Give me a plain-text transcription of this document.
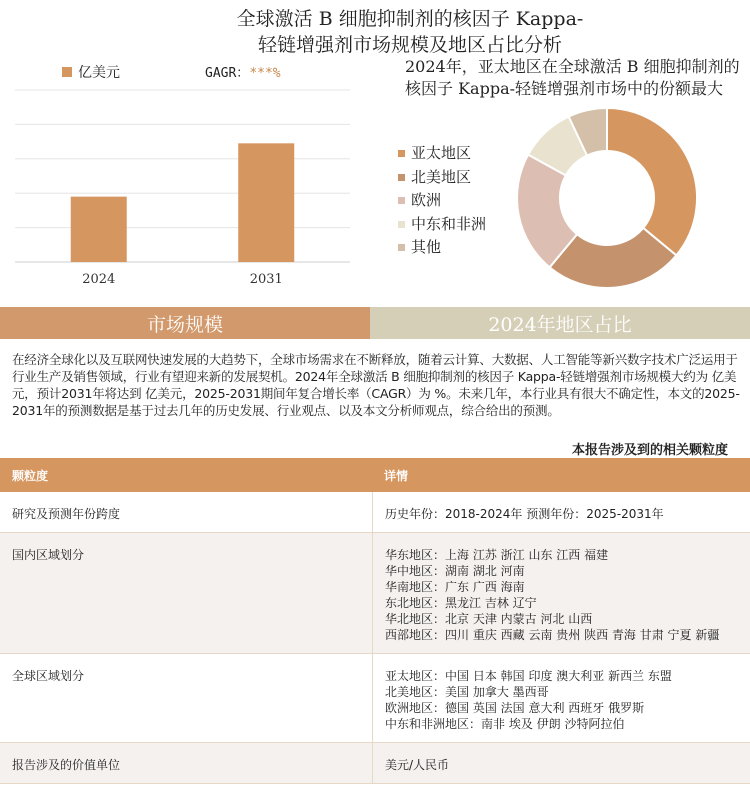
全球激活 B 细胞抑制剂的核因子 Kappa-
轻链增强剂市场规模及地区占比分析
亿美元	GAGR：***%
2024	2031
2024年，亚太地区在全球激活 B 细胞抑制剂的核因子 Kappa-轻链增强剂市场中的份额最大
亚太地区
北美地区
欧洲
中东和非洲
其他
市场规模	2024年地区占比
在经济全球化以及互联网快速发展的大趋势下，全球市场需求在不断释放，随着云计算、大数据、人工智能等新兴数字技术广泛运用于行业生产及销售领域，行业有望迎来新的发展契机。2024年全球激活 B 细胞抑制剂的核因子 Kappa-轻链增强剂市场规模大约为 亿美元，预计2031年将达到 亿美元，2025-2031期间年复合增长率（CAGR）为 %。未来几年，本行业具有很大不确定性，本文的2025-2031年的预测数据是基于过去几年的历史发展、行业观点、以及本文分析师观点，综合给出的预测。
本报告涉及到的相关颗粒度
颗粒度	详情
研究及预测年份跨度	历史年份：2018-2024年 预测年份：2025-2031年
国内区域划分	华东地区：上海 江苏 浙江 山东 江西 福建
华中地区：湖南 湖北 河南
华南地区：广东 广西 海南
东北地区：黑龙江 吉林 辽宁
华北地区：北京 天津 内蒙古 河北 山西
西部地区：四川 重庆 西藏 云南 贵州 陕西 青海 甘肃 宁夏 新疆
全球区域划分	亚太地区：中国 日本 韩国 印度 澳大利亚 新西兰 东盟
北美地区：美国 加拿大 墨西哥
欧洲地区：德国 英国 法国 意大利 西班牙 俄罗斯
中东和非洲地区：南非 埃及 伊朗 沙特阿拉伯
报告涉及的价值单位	美元/人民币
